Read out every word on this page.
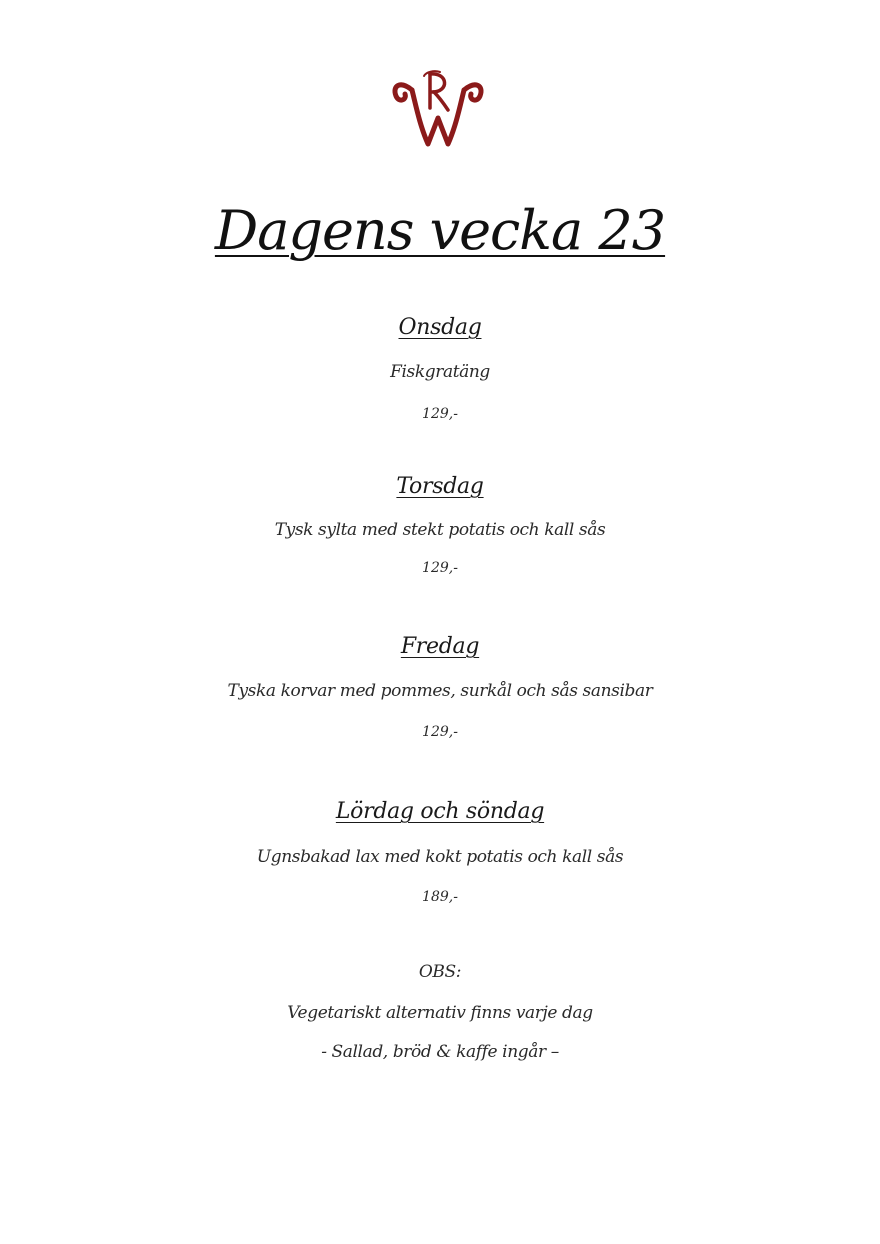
Dagens vecka 23
Onsdag
Fiskgratäng
129,-
Torsdag
Tysk sylta med stekt potatis och kall sås
129,-
Fredag
Tyska korvar med pommes, surkål och sås sansibar
129,-
Lördag och söndag
Ugnsbakad lax med kokt potatis och kall sås
189,-
OBS:
Vegetariskt alternativ finns varje dag
- Sallad, bröd & kaffe ingår –
